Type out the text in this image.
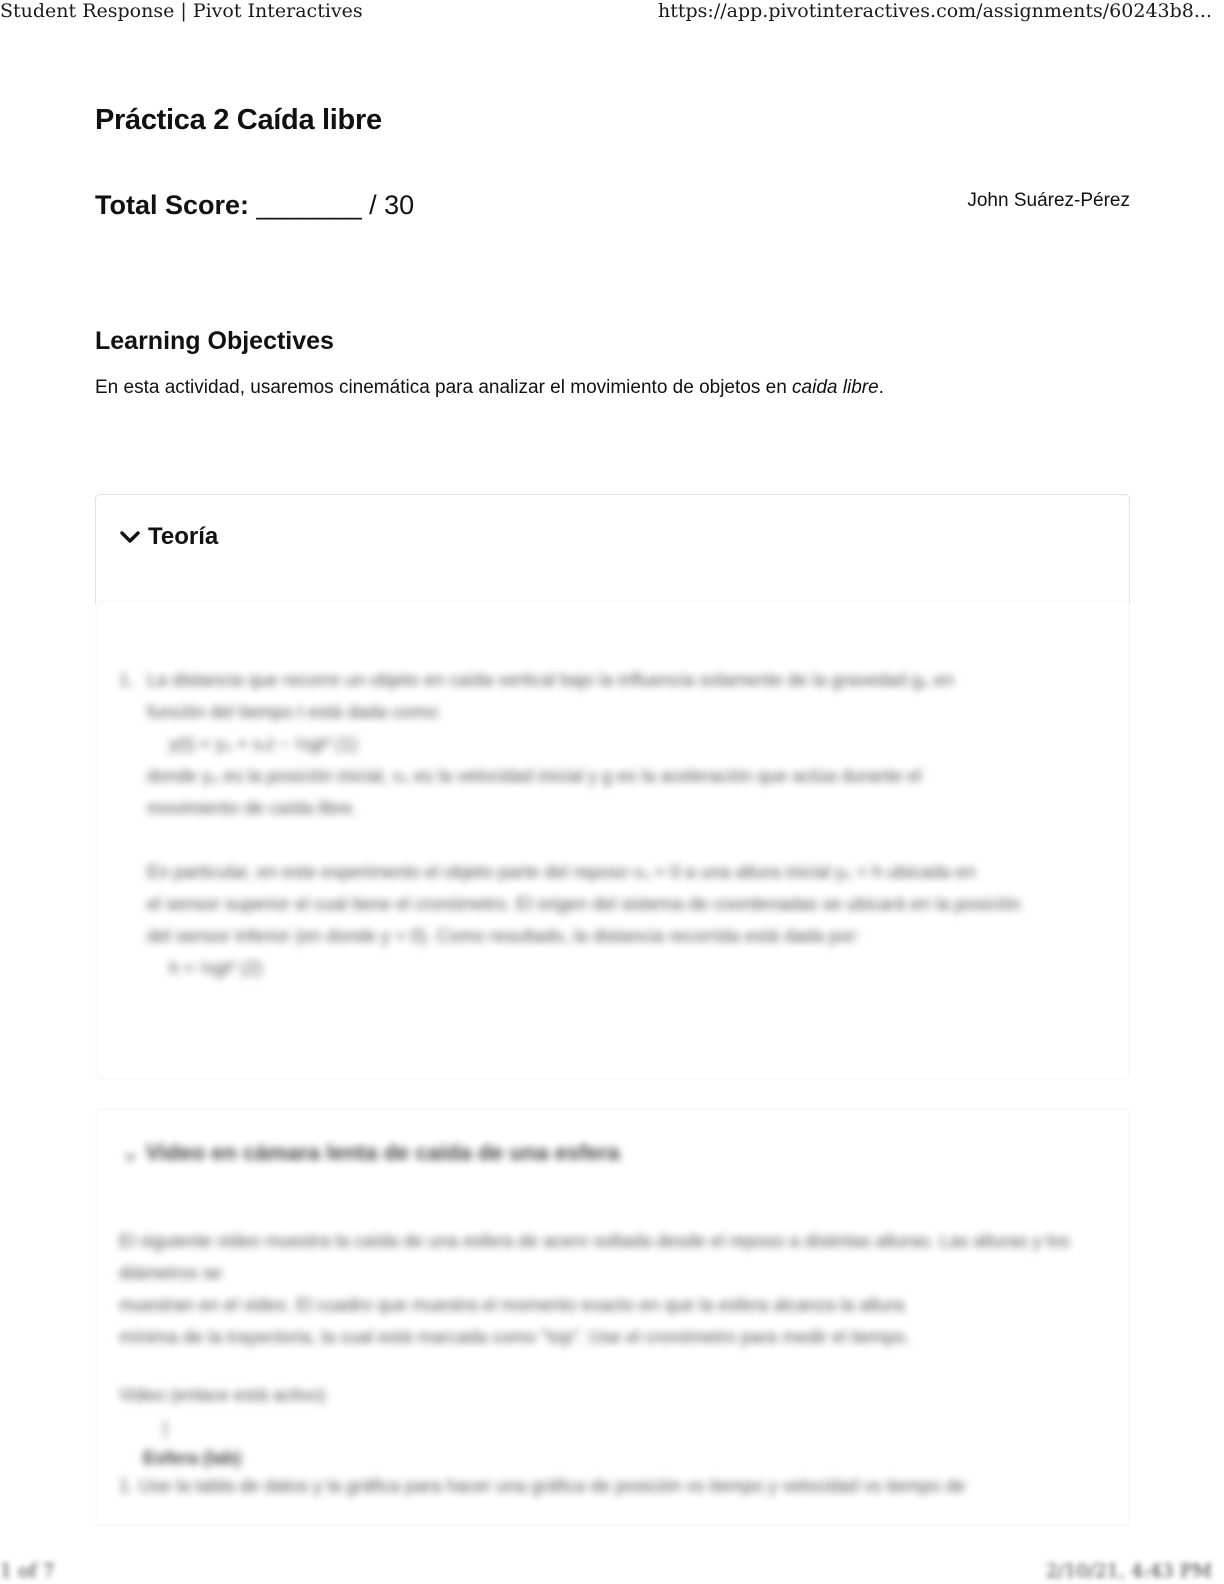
Student Response | Pivot Interactives	https://app.pivotinteractives.com/assignments/60243b8...
Práctica 2 Caída libre
Total Score: _______ / 30	John Suárez-Pérez
Learning Objectives
En esta actividad, usaremos cinemática para analizar el movimiento de objetos en caida libre.
Teoría
1. La distancia que recorre un objeto en caída vertical bajo la influencia solamente de la gravedad g₀ en
función del tiempo t está dada como:
y(t) = y₀ + v₀t − ½gt² (1)
donde y₀ es la posición inicial, v₀ es la velocidad inicial y g es la aceleración que actúa durante el
movimiento de caída libre.
En particular, en este experimento el objeto parte del reposo v₀ = 0 a una altura inicial y₀ = h ubicada en
el sensor superior el cual tiene el cronómetro. El origen del sistema de coordenadas se ubicará en la posición
del sensor inferior (en donde y = 0). Como resultado, la distancia recorrida está dada por:
h = ½gt² (2)
⌄ Video en cámara lenta de caída de una esfera
El siguiente video muestra la caída de una esfera de acero soltada desde el reposo a distintas alturas. Las alturas y los diámetros se
muestran en el video. El cuadro que muestra el momento exacto en que la esfera alcanza la altura
mínima de la trayectoria, la cual está marcada como "top". Use el cronómetro para medir el tiempo.
Video (enlace está activo)
|
Esfera (lab)
1. Use la tabla de datos y la gráfica para hacer una gráfica de posición vs tiempo y velocidad vs tiempo de
1 of 7	2/10/21, 4:43 PM
